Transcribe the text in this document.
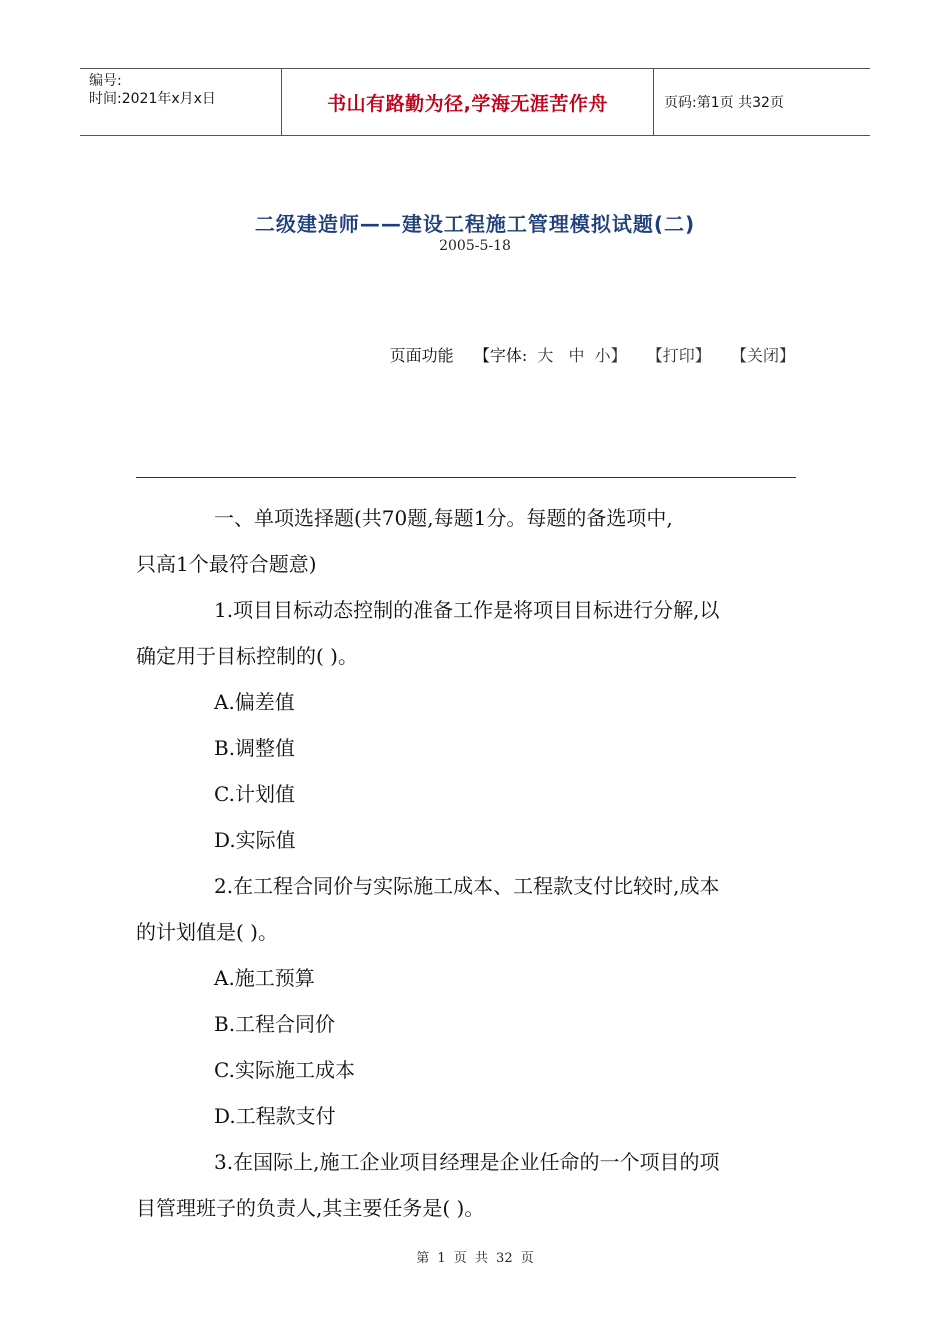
编号:
时间:2021年x月x日	书山有路勤为径,学海无涯苦作舟	页码:第1页 共32页
二级建造师——建设工程施工管理模拟试题(二)
2005-5-18
页面功能 【字体: 大 中 小】 【打印】 【关闭】

一、单项选择题(共70题,每题1分。每题的备选项中,

只高1个最符合题意)

1.项目目标动态控制的准备工作是将项目目标进行分解,以

确定用于目标控制的( )。

A.偏差值

B.调整值

C.计划值

D.实际值

2.在工程合同价与实际施工成本、工程款支付比较时,成本

的计划值是( )。

A.施工预算

B.工程合同价

C.实际施工成本

D.工程款支付

3.在国际上,施工企业项目经理是企业任命的一个项目的项

目管理班子的负责人,其主要任务是( )。

第 1 页 共 32 页
